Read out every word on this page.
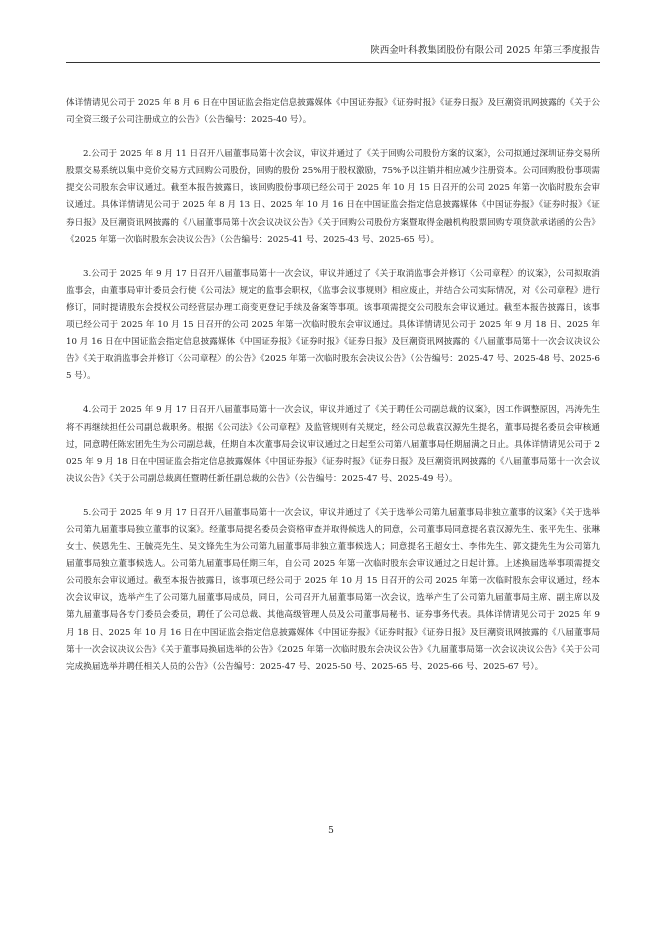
陕西金叶科教集团股份有限公司 2025 年第三季度报告

体详情请见公司于 2025 年 8 月 6 日在中国证监会指定信息披露媒体《中国证券报》《证券时报》《证券日报》及巨潮资讯网披露的《关于公司全资三级子公司注册成立的公告》（公告编号：2025-40 号）。

2.公司于 2025 年 8 月 11 日召开八届董事局第十次会议，审议并通过了《关于回购公司股份方案的议案》，公司拟通过深圳证券交易所股票交易系统以集中竞价交易方式回购公司股份，回购的股份 25%用于股权激励，75%予以注销并相应减少注册资本。公司回购股份事项需提交公司股东会审议通过。截至本报告披露日，该回购股份事项已经公司于 2025 年 10 月 15 日召开的公司 2025 年第一次临时股东会审议通过。具体详情请见公司于 2025 年 8 月 13 日、2025 年 10 月 16 日在中国证监会指定信息披露媒体《中国证券报》《证券时报》《证券日报》及巨潮资讯网披露的《八届董事局第十次会议决议公告》《关于回购公司股份方案暨取得金融机构股票回购专项贷款承诺函的公告》《2025 年第一次临时股东会决议公告》（公告编号：2025-41 号、2025-43 号、2025-65 号）。

3.公司于 2025 年 9 月 17 日召开八届董事局第十一次会议，审议并通过了《关于取消监事会并修订〈公司章程〉的议案》，公司拟取消监事会，由董事局审计委员会行使《公司法》规定的监事会职权，《监事会议事规则》相应废止，并结合公司实际情况，对《公司章程》进行修订，同时提请股东会授权公司经营层办理工商变更登记手续及备案等事项。该事项需提交公司股东会审议通过。截至本报告披露日，该事项已经公司于 2025 年 10 月 15 日召开的公司 2025 年第一次临时股东会审议通过。具体详情请见公司于 2025 年 9 月 18 日、2025 年 10 月 16 日在中国证监会指定信息披露媒体《中国证券报》《证券时报》《证券日报》及巨潮资讯网披露的《八届董事局第十一次会议决议公告》《关于取消监事会并修订〈公司章程〉的公告》《2025 年第一次临时股东会决议公告》（公告编号：2025-47 号、2025-48 号、2025-65 号）。

4.公司于 2025 年 9 月 17 日召开八届董事局第十一次会议，审议并通过了《关于聘任公司副总裁的议案》，因工作调整原因，冯涛先生将不再继续担任公司副总裁职务。根据《公司法》《公司章程》及监管规则有关规定，经公司总裁袁汉源先生提名，董事局提名委员会审核通过，同意聘任陈宏团先生为公司副总裁，任期自本次董事局会议审议通过之日起至公司第八届董事局任期届满之日止。具体详情请见公司于 2025 年 9 月 18 日在中国证监会指定信息披露媒体《中国证券报》《证券时报》《证券日报》及巨潮资讯网披露的《八届董事局第十一次会议决议公告》《关于公司副总裁离任暨聘任新任副总裁的公告》（公告编号：2025-47 号、2025-49 号）。

5.公司于 2025 年 9 月 17 日召开八届董事局第十一次会议，审议并通过了《关于选举公司第九届董事局非独立董事的议案》《关于选举公司第九届董事局独立董事的议案》。经董事局提名委员会资格审查并取得候选人的同意，公司董事局同意提名袁汉源先生、张平先生、张琳女士、侯恩先生、王毓亮先生、吴文锋先生为公司第九届董事局非独立董事候选人；同意提名王超女士、李伟先生、郭文捷先生为公司第九届董事局独立董事候选人。公司第九届董事局任期三年，自公司 2025 年第一次临时股东会审议通过之日起计算。上述换届选举事项需提交公司股东会审议通过。截至本报告披露日，该事项已经公司于 2025 年 10 月 15 日召开的公司 2025 年第一次临时股东会审议通过，经本次会议审议，选举产生了公司第九届董事局成员，同日，公司召开九届董事局第一次会议，选举产生了公司第九届董事局主席、副主席以及第九届董事局各专门委员会委员，聘任了公司总裁、其他高级管理人员及公司董事局秘书、证券事务代表。具体详情请见公司于 2025 年 9 月 18 日、2025 年 10 月 16 日在中国证监会指定信息披露媒体《中国证券报》《证券时报》《证券日报》及巨潮资讯网披露的《八届董事局第十一次会议决议公告》《关于董事局换届选举的公告》《2025 年第一次临时股东会决议公告》《九届董事局第一次会议决议公告》《关于公司完成换届选举并聘任相关人员的公告》（公告编号：2025-47 号、2025-50 号、2025-65 号、2025-66 号、2025-67 号）。

5
